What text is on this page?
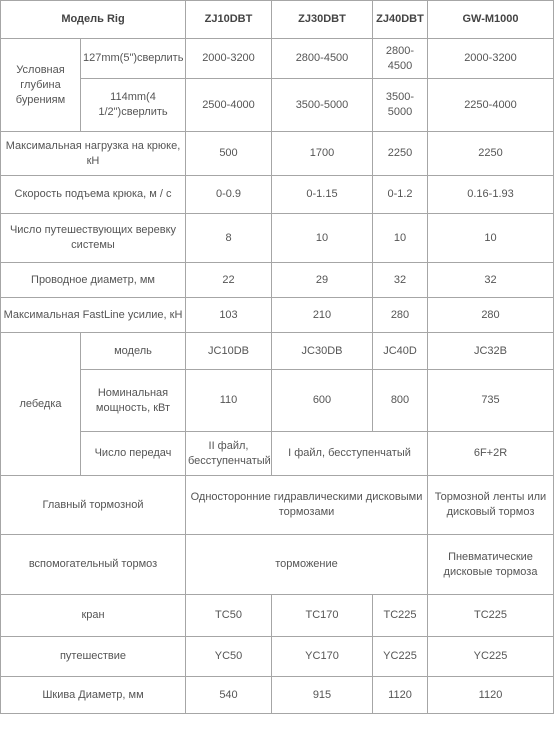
Модель Rig		ZJ10DBT	ZJ30DBT	ZJ40DBT	GW-M1000
Условная глубина бурениям	127mm(5")сверлить	2000-3200	2800-4500	2800-4500	2000-3200
	114mm(4 1/2")сверлить	2500-4000	3500-5000	3500-5000	2250-4000
Максимальная нагрузка на крюке, кН		500	1700	2250	2250
Скорость подъема крюка, м / с		0-0.9	0-1.15	0-1.2	0.16-1.93
Число путешествующих веревку системы		8	10	10	10
Проводное диаметр, мм		22	29	32	32
Максимальная FastLine усилие, кН		103	210	280	280
лебедка	модель	JC10DB	JC30DB	JC40D	JC32B
	Номинальная мощность, кВт	110	600	800	735
	Число передач	II файл, бесступенчатый	I файл, бесступенчатый		6F+2R
Главный тормозной		Односторонние гидравлическими дисковыми тормозами			Тормозной ленты или дисковый тормоз
вспомогательный тормоз		торможение			Пневматические дисковые тормоза
кран		TC50	TC170	TC225	TC225
путешествие		YC50	YC170	YC225	YC225
Шкива Диаметр, мм		540	915	1120	1120
